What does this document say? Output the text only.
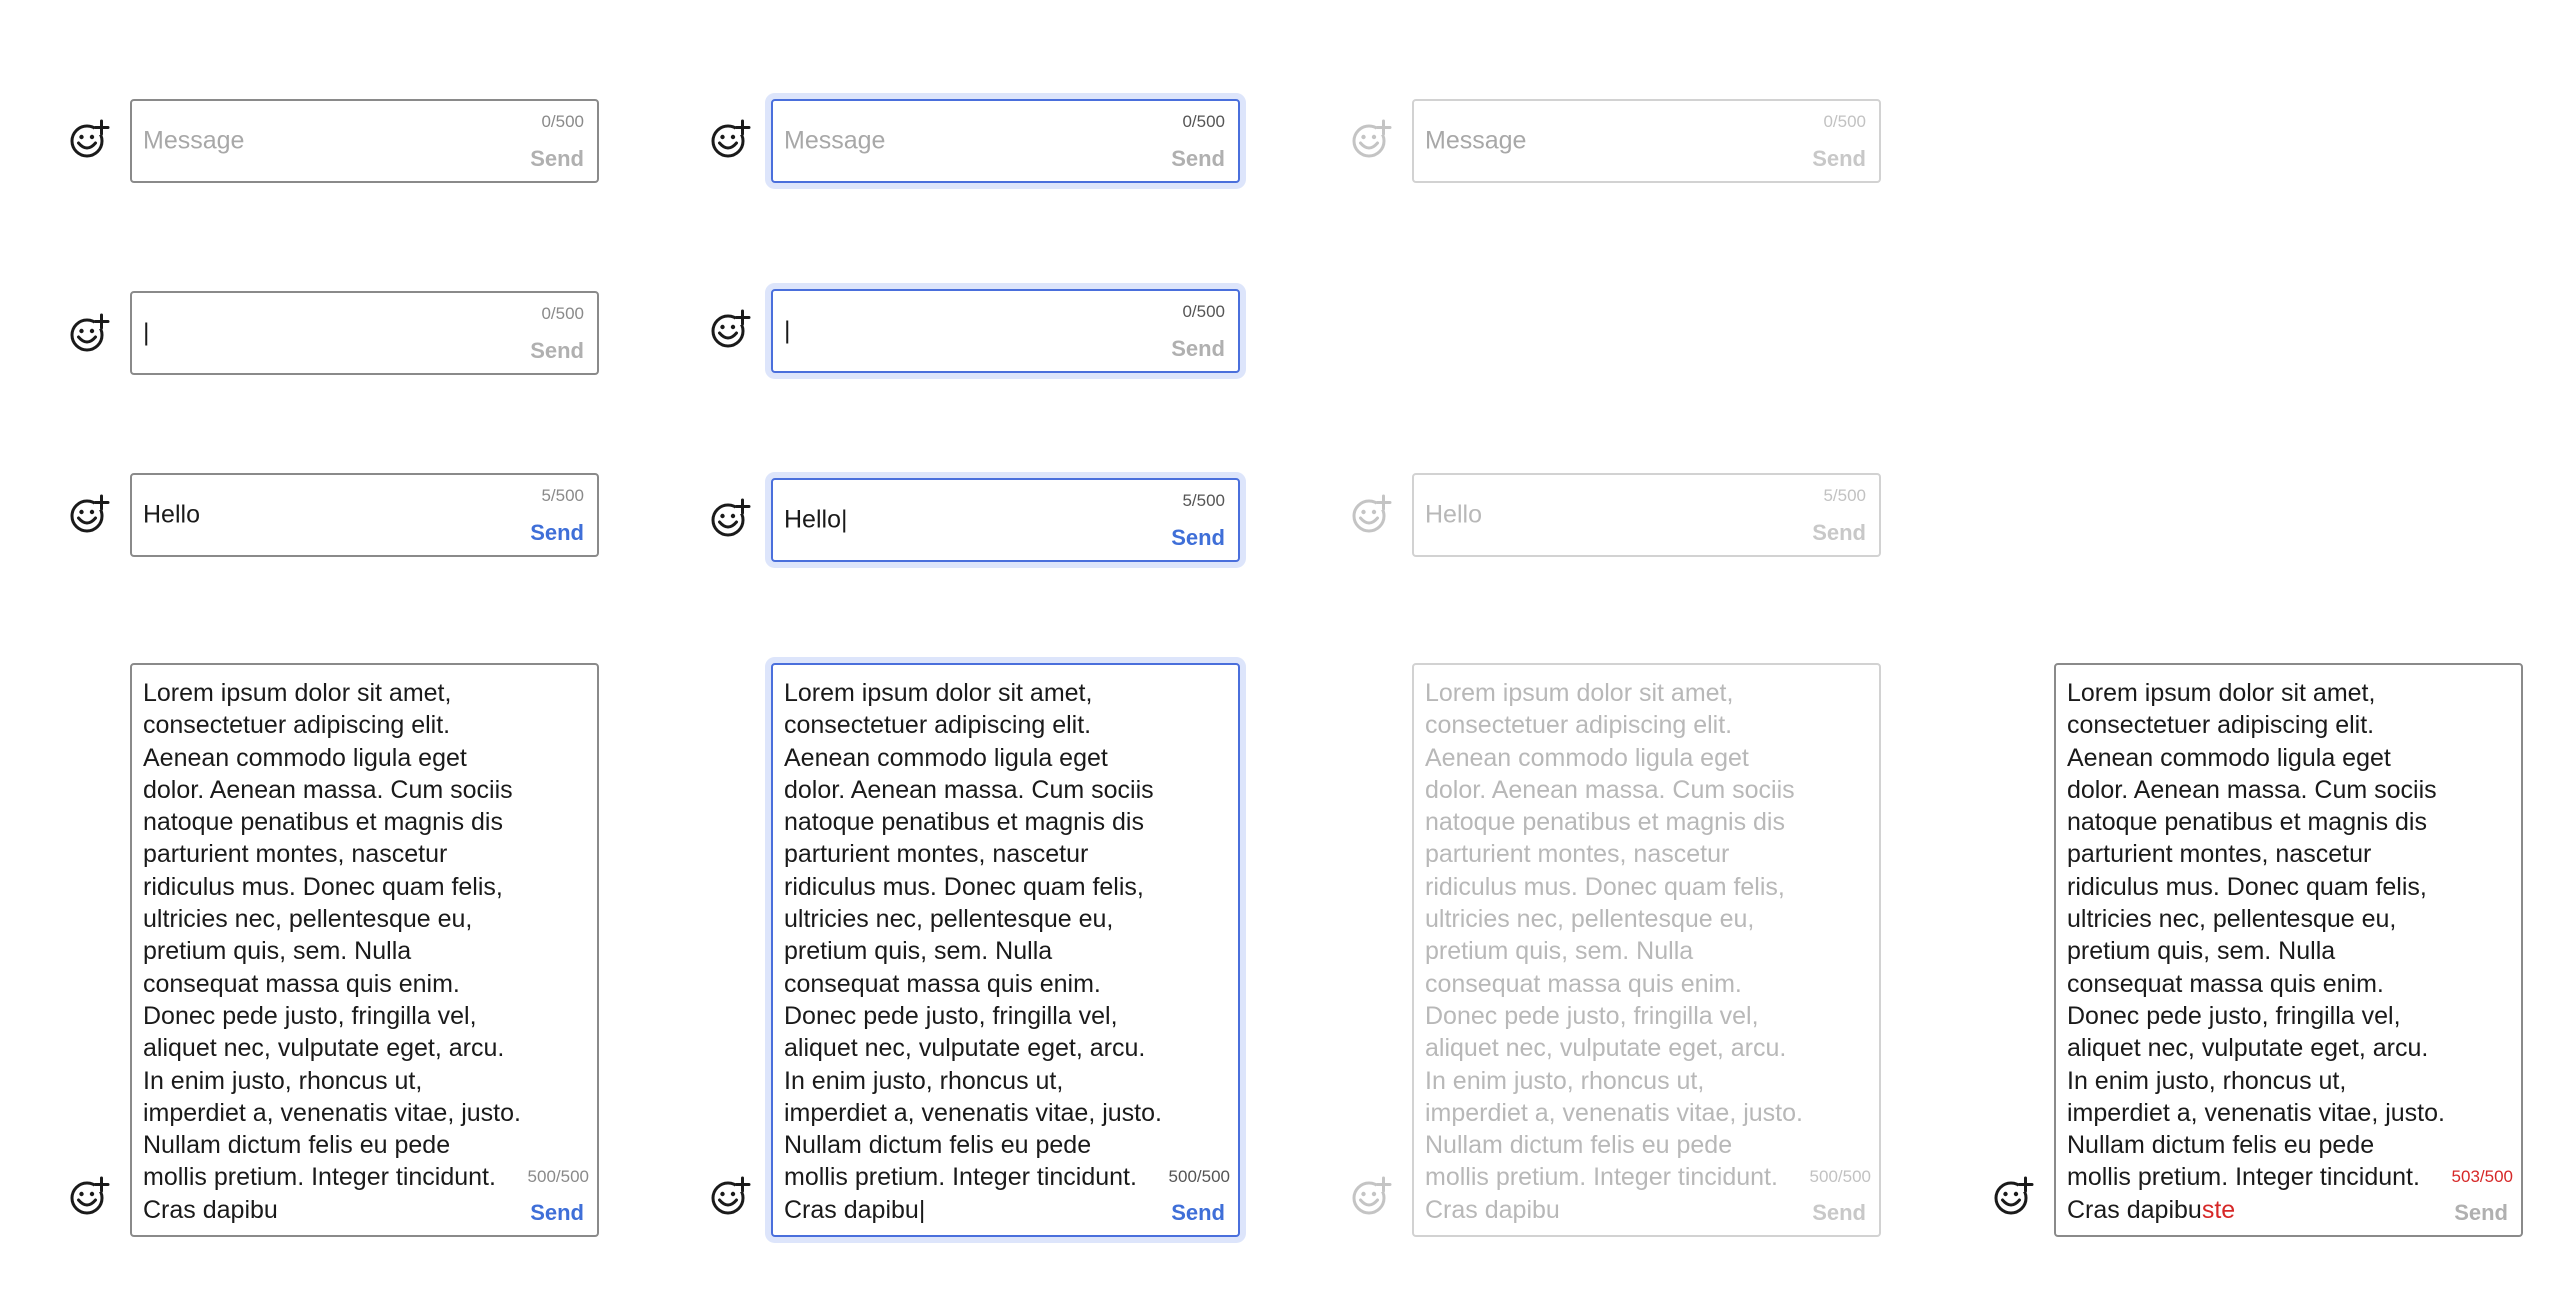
Message
0/500
Send
Message
0/500
Send
Message
0/500
Send
|
0/500
Send
|
0/500
Send
Hello
5/500
Send	Hello|
5/500
Send
Hello
5/500
Send
Lorem ipsum dolor sit amet,
consectetuer adipiscing elit.
Aenean commodo ligula eget
dolor. Aenean massa. Cum sociis
natoque penatibus et magnis dis
parturient montes, nascetur
ridiculus mus. Donec quam felis,
ultricies nec, pellentesque eu,
pretium quis, sem. Nulla
consequat massa quis enim.
Donec pede justo, fringilla vel,
aliquet nec, vulputate eget, arcu.
In enim justo, rhoncus ut,
imperdiet a, venenatis vitae, justo.
Nullam dictum felis eu pede
mollis pretium. Integer tincidunt.
Cras dapibu
500/500
Send
Lorem ipsum dolor sit amet,
consectetuer adipiscing elit.
Aenean commodo ligula eget
dolor. Aenean massa. Cum sociis
natoque penatibus et magnis dis
parturient montes, nascetur
ridiculus mus. Donec quam felis,
ultricies nec, pellentesque eu,
pretium quis, sem. Nulla
consequat massa quis enim.
Donec pede justo, fringilla vel,
aliquet nec, vulputate eget, arcu.
In enim justo, rhoncus ut,
imperdiet a, venenatis vitae, justo.
Nullam dictum felis eu pede
mollis pretium. Integer tincidunt.
Cras dapibu|
500/500
Send
Lorem ipsum dolor sit amet,
consectetuer adipiscing elit.
Aenean commodo ligula eget
dolor. Aenean massa. Cum sociis
natoque penatibus et magnis dis
parturient montes, nascetur
ridiculus mus. Donec quam felis,
ultricies nec, pellentesque eu,
pretium quis, sem. Nulla
consequat massa quis enim.
Donec pede justo, fringilla vel,
aliquet nec, vulputate eget, arcu.
In enim justo, rhoncus ut,
imperdiet a, venenatis vitae, justo.
Nullam dictum felis eu pede
mollis pretium. Integer tincidunt.
Cras dapibu
500/500
Send
Lorem ipsum dolor sit amet,
consectetuer adipiscing elit.
Aenean commodo ligula eget
dolor. Aenean massa. Cum sociis
natoque penatibus et magnis dis
parturient montes, nascetur
ridiculus mus. Donec quam felis,
ultricies nec, pellentesque eu,
pretium quis, sem. Nulla
consequat massa quis enim.
Donec pede justo, fringilla vel,
aliquet nec, vulputate eget, arcu.
In enim justo, rhoncus ut,
imperdiet a, venenatis vitae, justo.
Nullam dictum felis eu pede
mollis pretium. Integer tincidunt.
Cras dapibuste
503/500
Send
